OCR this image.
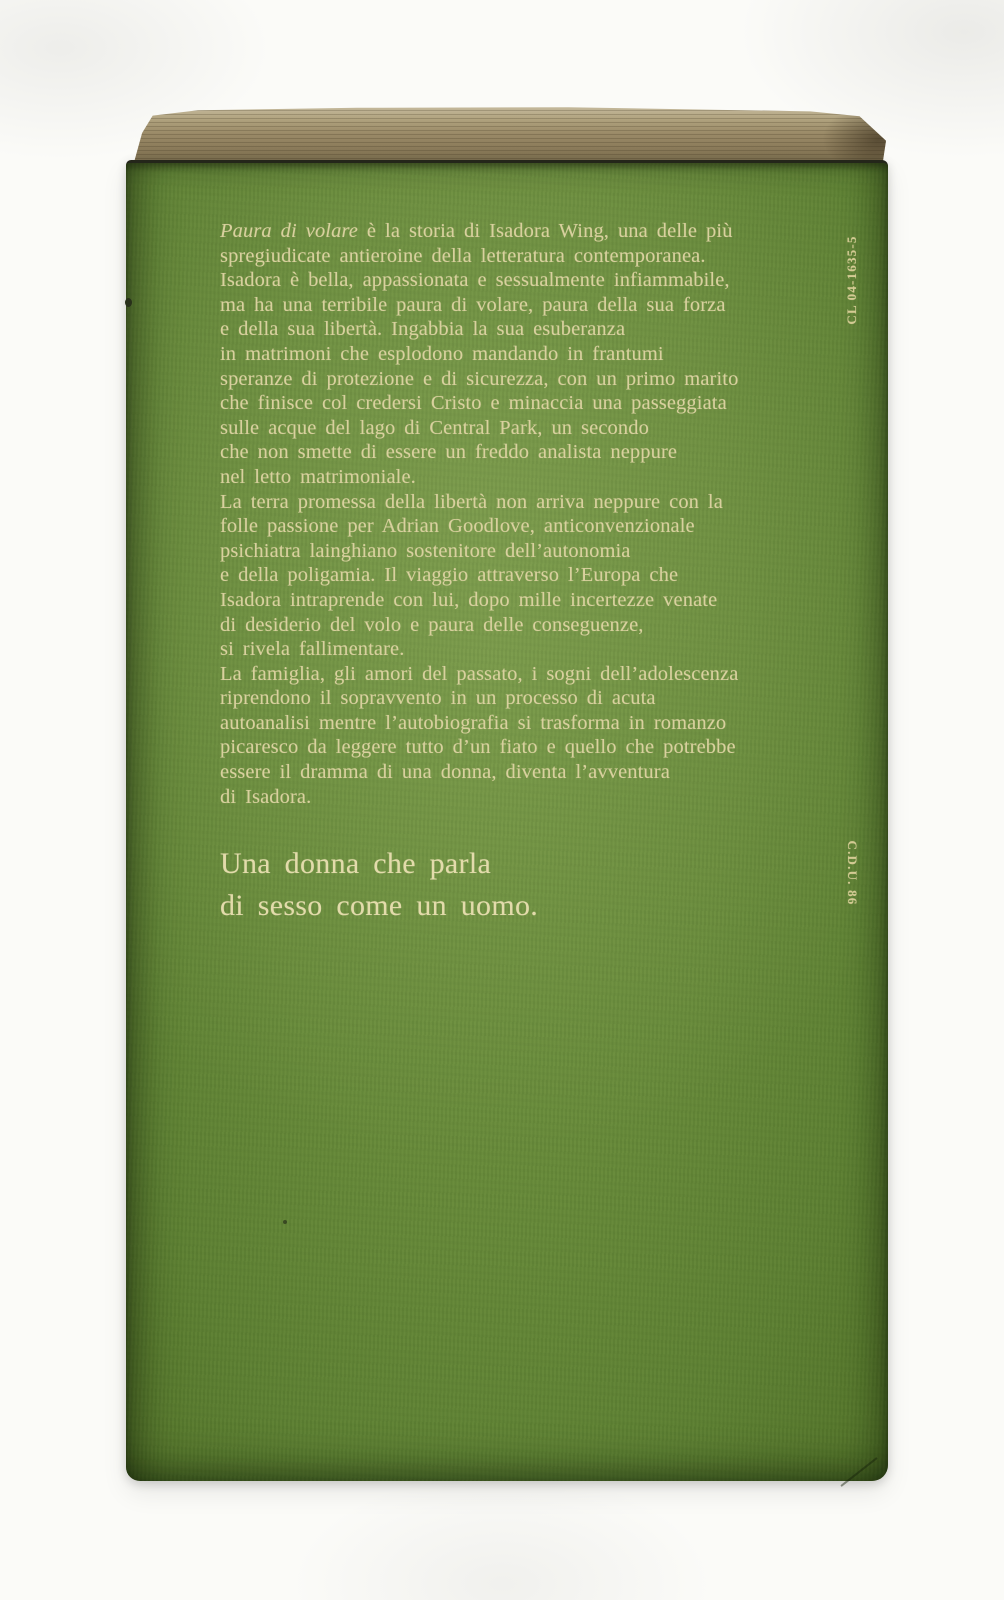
Paura di volare è la storia di Isadora Wing, una delle più
spregiudicate antieroine della letteratura contemporanea.
Isadora è bella, appassionata e sessualmente infiammabile,
ma ha una terribile paura di volare, paura della sua forza
e della sua libertà. Ingabbia la sua esuberanza
in matrimoni che esplodono mandando in frantumi
speranze di protezione e di sicurezza, con un primo marito
che finisce col credersi Cristo e minaccia una passeggiata
sulle acque del lago di Central Park, un secondo
che non smette di essere un freddo analista neppure
nel letto matrimoniale.
La terra promessa della libertà non arriva neppure con la
folle passione per Adrian Goodlove, anticonvenzionale
psichiatra lainghiano sostenitore dell’autonomia
e della poligamia. Il viaggio attraverso l’Europa che
Isadora intraprende con lui, dopo mille incertezze venate
di desiderio del volo e paura delle conseguenze,
si rivela fallimentare.
La famiglia, gli amori del passato, i sogni dell’adolescenza
riprendono il sopravvento in un processo di acuta
autoanalisi mentre l’autobiografia si trasforma in romanzo
picaresco da leggere tutto d’un fiato e quello che potrebbe
essere il dramma di una donna, diventa l’avventura
di Isadora.
Una donna che parla
di sesso come un uomo.
CL 04-1635-5
C.D.U. 86
